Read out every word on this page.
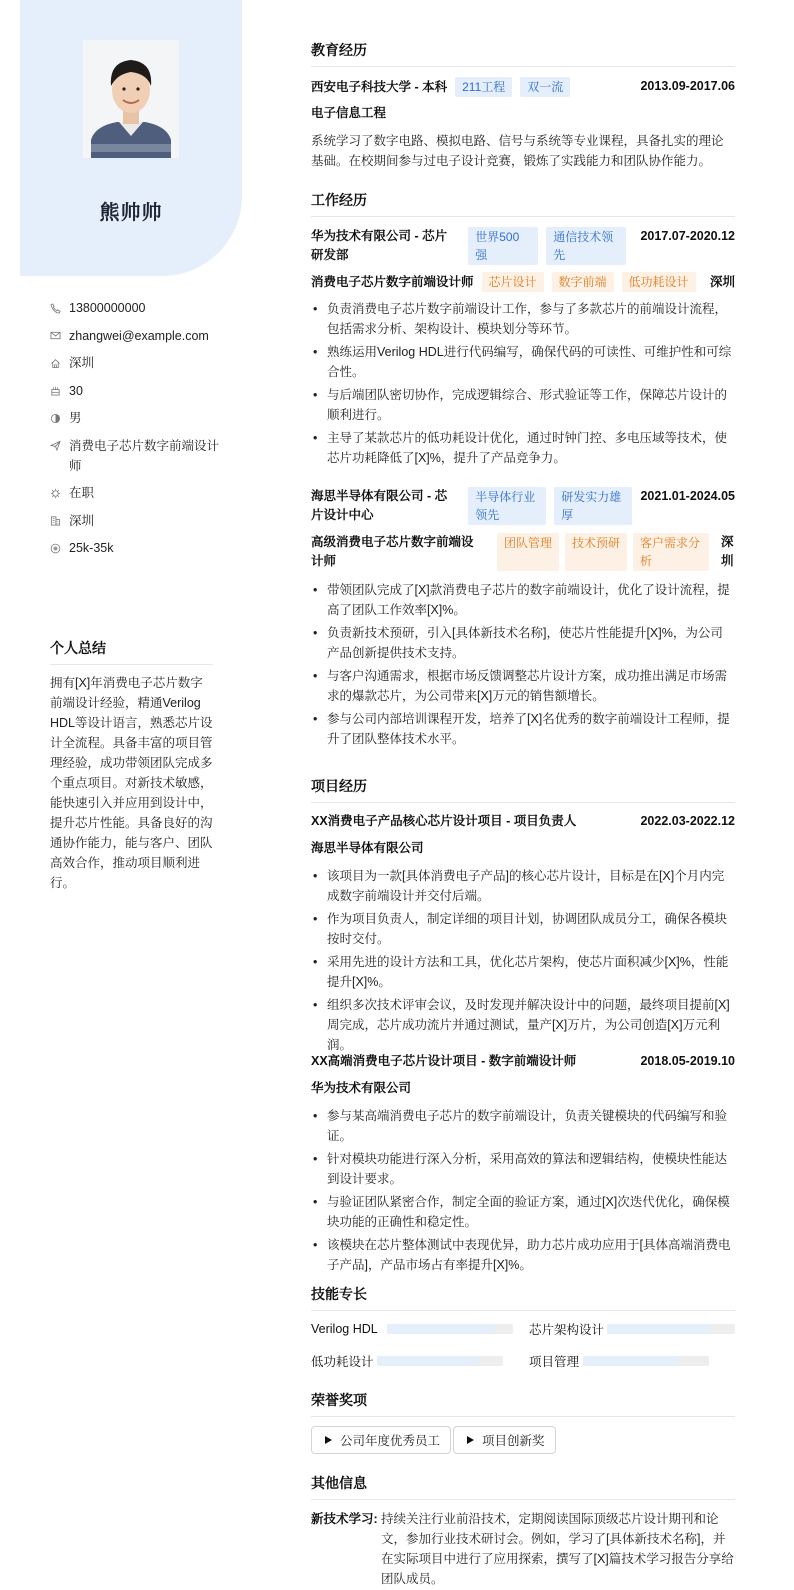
熊帅帅
13800000000
zhangwei@example.com
深圳
30
男
消费电子芯片数字前端设计师
在职
深圳
25k-35k
个人总结
拥有[X]年消费电子芯片数字前端设计经验，精通Verilog HDL等设计语言，熟悉芯片设计全流程。具备丰富的项目管理经验，成功带领团队完成多个重点项目。对新技术敏感，能快速引入并应用到设计中，提升芯片性能。具备良好的沟通协作能力，能与客户、团队高效合作，推动项目顺利进行。
教育经历
西安电子科技大学 - 本科 211工程 双一流	2013.09-2017.06
电子信息工程
系统学习了数字电路、模拟电路、信号与系统等专业课程，具备扎实的理论基础。在校期间参与过电子设计竞赛，锻炼了实践能力和团队协作能力。
工作经历
华为技术有限公司 - 芯片研发部
世界500强
通信技术领先
2017.07-2020.12
消费电子芯片数字前端设计师 芯片设计 数字前端 低功耗设计	深圳
• 负责消费电子芯片数字前端设计工作，参与了多款芯片的前端设计流程，包括需求分析、架构设计、模块划分等环节。
• 熟练运用Verilog HDL进行代码编写，确保代码的可读性、可维护性和可综合性。
• 与后端团队密切协作，完成逻辑综合、形式验证等工作，保障芯片设计的顺利进行。
• 主导了某款芯片的低功耗设计优化，通过时钟门控、多电压域等技术，使芯片功耗降低了[X]%，提升了产品竞争力。
海思半导体有限公司 - 芯片设计中心
半导体行业领先
研发实力雄厚
2021.01-2024.05
高级消费电子芯片数字前端设计师
团队管理	技术预研	客户需求分析
深圳
• 带领团队完成了[X]款消费电子芯片的数字前端设计，优化了设计流程，提高了团队工作效率[X]%。
• 负责新技术预研，引入[具体新技术名称]，使芯片性能提升[X]%，为公司产品创新提供技术支持。
• 与客户沟通需求，根据市场反馈调整芯片设计方案，成功推出满足市场需求的爆款芯片，为公司带来[X]万元的销售额增长。
• 参与公司内部培训课程开发，培养了[X]名优秀的数字前端设计工程师，提升了团队整体技术水平。
项目经历
XX消费电子产品核心芯片设计项目 - 项目负责人	2022.03-2022.12
海思半导体有限公司
• 该项目为一款[具体消费电子产品]的核心芯片设计，目标是在[X]个月内完成数字前端设计并交付后端。
• 作为项目负责人，制定详细的项目计划，协调团队成员分工，确保各模块按时交付。
• 采用先进的设计方法和工具，优化芯片架构，使芯片面积减少[X]%，性能提升[X]%。
• 组织多次技术评审会议，及时发现并解决设计中的问题，最终项目提前[X]周完成，芯片成功流片并通过测试，量产[X]万片，为公司创造[X]万元利润。
XX高端消费电子芯片设计项目 - 数字前端设计师	2018.05-2019.10
华为技术有限公司
• 参与某高端消费电子芯片的数字前端设计，负责关键模块的代码编写和验证。
• 针对模块功能进行深入分析，采用高效的算法和逻辑结构，使模块性能达到设计要求。
• 与验证团队紧密合作，制定全面的验证方案，通过[X]次迭代优化，确保模块功能的正确性和稳定性。
• 该模块在芯片整体测试中表现优异，助力芯片成功应用于[具体高端消费电子产品]，产品市场占有率提升[X]%。
技能专长
Verilog HDL	芯片架构设计
低功耗设计	项目管理
荣誉奖项
公司年度优秀员工	项目创新奖
其他信息
新技术学习: 持续关注行业前沿技术，定期阅读国际顶级芯片设计期刊和论文，参加行业技术研讨会。例如，学习了[具体新技术名称]，并在实际项目中进行了应用探索，撰写了[X]篇技术学习报告分享给团队成员。
